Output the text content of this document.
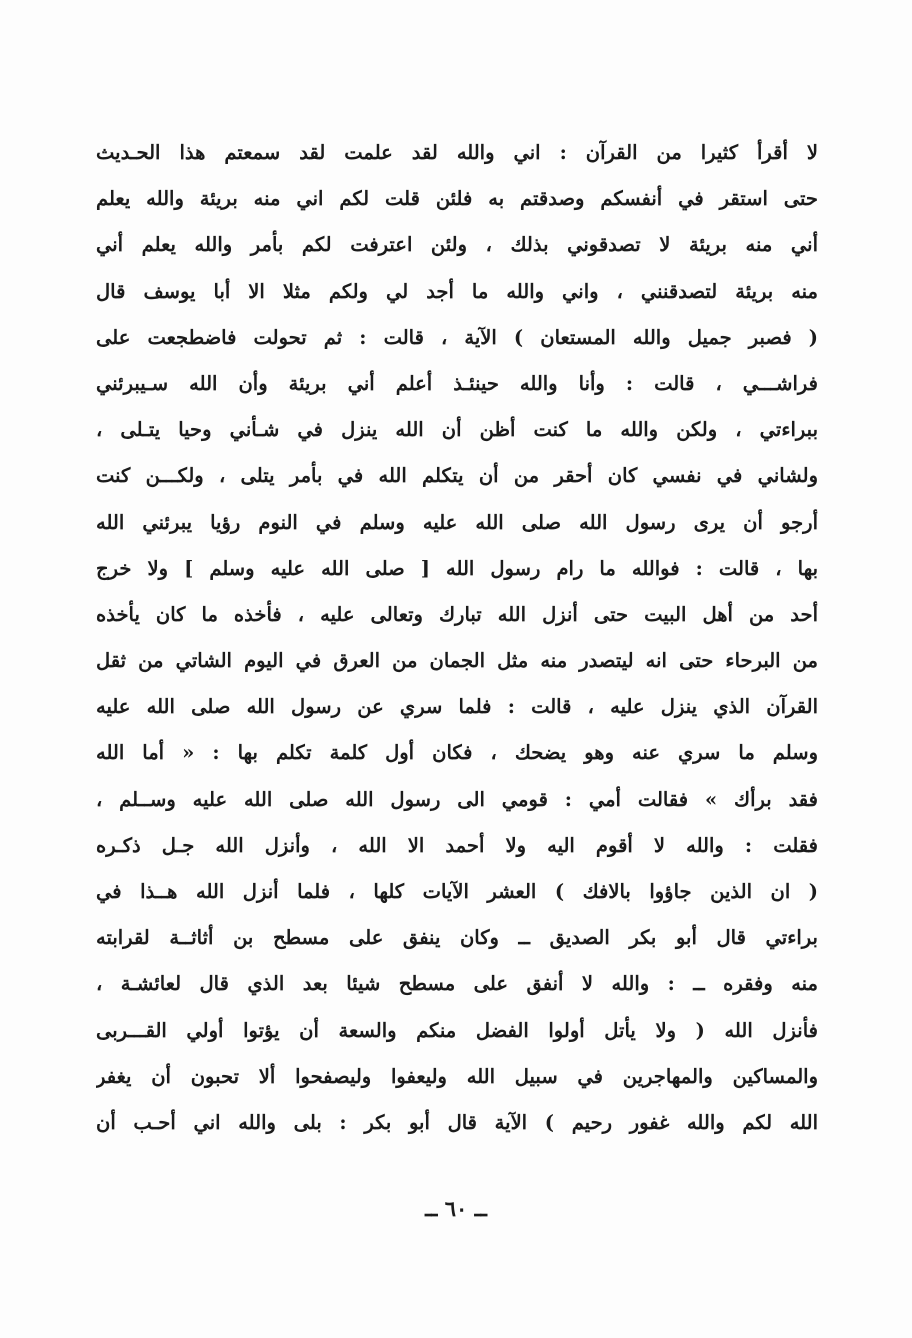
لا أقرأ كثيرا من القرآن : اني والله لقد علمت لقد سمعتم هذا الحـديث
حتى استقر في أنفسكم وصدقتم به فلئن قلت لكم اني منه بريئة والله يعلم
أني منه بريئة لا تصدقوني بذلك ، ولئن اعترفت لكم بأمر والله يعلم أني
منه بريئة لتصدقنني ، واني والله ما أجد لي ولكم مثلا الا أبا يوسف قال
( فصبر جميل والله المستعان ) الآية ، قالت : ثم تحولت فاضطجعت على
فراشـــي ، قالت : وأنا والله حينئـذ أعلم أني بريئة وأن الله سـيبرئني
ببراءتي ، ولكن والله ما كنت أظن أن الله ينزل في شـأني وحيا يتـلى ،
ولشاني في نفسي كان أحقر من أن يتكلم الله في بأمر يتلى ، ولكـــن كنت
أرجو أن يرى رسول الله صلى الله عليه وسلم في النوم رؤيا يبرئني الله
بها ، قالت : فوالله ما رام رسول الله [ صلى الله عليه وسلم ] ولا خرج
أحد من أهل البيت حتى أنزل الله تبارك وتعالى عليه ، فأخذه ما كان يأخذه
من البرحاء حتى انه ليتصدر منه مثل الجمان من العرق في اليوم الشاتي من ثقل
القرآن الذي ينزل عليه ، قالت : فلما سري عن رسول الله صلى الله عليه
وسلم ما سري عنه وهو يضحك ، فكان أول كلمة تكلم بها : « أما الله
فقد برأك » فقالت أمي : قومي الى رسول الله صلى الله عليه وســلم ،
فقلت : والله لا أقوم اليه ولا أحمد الا الله ، وأنزل الله جـل ذكـره
( ان الذين جاؤوا بالافك ) العشر الآيات كلها ، فلما أنزل الله هــذا في
براءتي قال أبو بكر الصديق ــ وكان ينفق على مسطح بن أثاثــة لقرابته
منه وفقره ــ : والله لا أنفق على مسطح شيئا بعد الذي قال لعائشـة ،
فأنزل الله ( ولا يأتل أولوا الفضل منكم والسعة أن يؤتوا أولي القـــربى
والمساكين والمهاجرين في سبيل الله وليعفوا وليصفحوا ألا تحبون أن يغفر
الله لكم والله غفور رحيم ) الآية قال أبو بكر : بلى والله اني أحـب أن
ــ ٦٠ ــ
